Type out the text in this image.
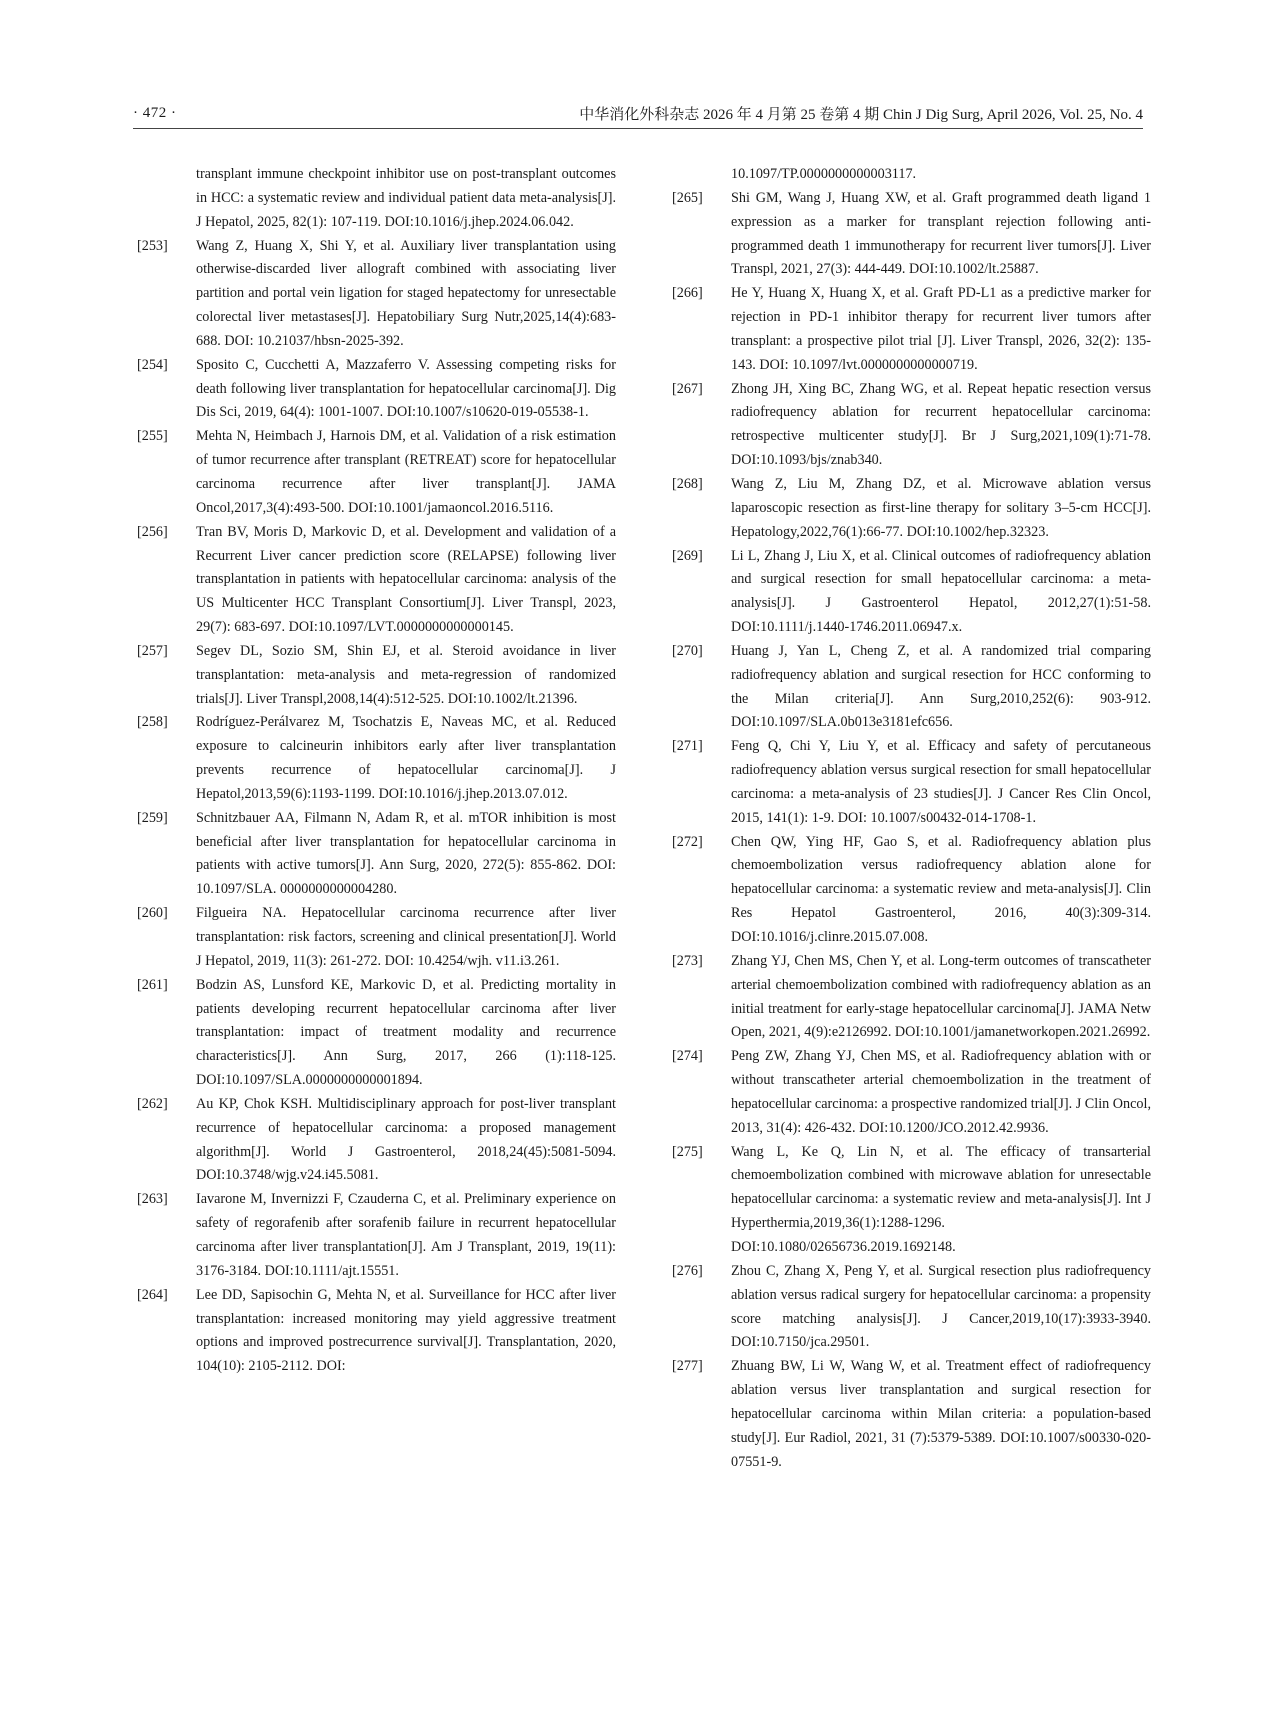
· 472 ·	中华消化外科杂志 2026 年 4 月第 25 卷第 4 期 Chin J Dig Surg, April 2026, Vol. 25, No. 4
transplant immune checkpoint inhibitor use on post-transplant outcomes in HCC: a systematic review and individual patient data meta-analysis[J]. J Hepatol, 2025, 82(1): 107-119. DOI:10.1016/j.jhep.2024.06.042.
[253]	Wang Z, Huang X, Shi Y, et al. Auxiliary liver transplantation using otherwise-discarded liver allograft combined with associating liver partition and portal vein ligation for staged hepatectomy for unresectable colorectal liver metastases[J]. Hepatobiliary Surg Nutr,2025,14(4):683-688. DOI: 10.21037/hbsn-2025-392.
[254]	Sposito C, Cucchetti A, Mazzaferro V. Assessing competing risks for death following liver transplantation for hepatocellular carcinoma[J]. Dig Dis Sci, 2019, 64(4): 1001-1007. DOI:10.1007/s10620-019-05538-1.
[255]	Mehta N, Heimbach J, Harnois DM, et al. Validation of a risk estimation of tumor recurrence after transplant (RETREAT) score for hepatocellular carcinoma recurrence after liver transplant[J]. JAMA Oncol,2017,3(4):493-500. DOI:10.1001/jamaoncol.2016.5116.
[256]	Tran BV, Moris D, Markovic D, et al. Development and validation of a Recurrent Liver cancer prediction score (RELAPSE) following liver transplantation in patients with hepatocellular carcinoma: analysis of the US Multicenter HCC Transplant Consortium[J]. Liver Transpl, 2023, 29(7): 683-697. DOI:10.1097/LVT.0000000000000145.
[257]	Segev DL, Sozio SM, Shin EJ, et al. Steroid avoidance in liver transplantation: meta-analysis and meta-regression of randomized trials[J]. Liver Transpl,2008,14(4):512-525. DOI:10.1002/lt.21396.
[258]	Rodríguez-Perálvarez M, Tsochatzis E, Naveas MC, et al. Reduced exposure to calcineurin inhibitors early after liver transplantation prevents recurrence of hepatocellular carcinoma[J]. J Hepatol,2013,59(6):1193-1199. DOI:10.1016/j.jhep.2013.07.012.
[259]	Schnitzbauer AA, Filmann N, Adam R, et al. mTOR inhibition is most beneficial after liver transplantation for hepatocellular carcinoma in patients with active tumors[J]. Ann Surg, 2020, 272(5): 855-862. DOI: 10.1097/SLA. 0000000000004280.
[260]	Filgueira NA. Hepatocellular carcinoma recurrence after liver transplantation: risk factors, screening and clinical presentation[J]. World J Hepatol, 2019, 11(3): 261-272. DOI: 10.4254/wjh. v11.i3.261.
[261]	Bodzin AS, Lunsford KE, Markovic D, et al. Predicting mortality in patients developing recurrent hepatocellular carcinoma after liver transplantation: impact of treatment modality and recurrence characteristics[J]. Ann Surg, 2017, 266 (1):118-125. DOI:10.1097/SLA.0000000000001894.
[262]	Au KP, Chok KSH. Multidisciplinary approach for post-liver transplant recurrence of hepatocellular carcinoma: a proposed management algorithm[J]. World J Gastroenterol, 2018,24(45):5081-5094. DOI:10.3748/wjg.v24.i45.5081.
[263]	Iavarone M, Invernizzi F, Czauderna C, et al. Preliminary experience on safety of regorafenib after sorafenib failure in recurrent hepatocellular carcinoma after liver transplantation[J]. Am J Transplant, 2019, 19(11): 3176-3184. DOI:10.1111/ajt.15551.
[264]	Lee DD, Sapisochin G, Mehta N, et al. Surveillance for HCC after liver transplantation: increased monitoring may yield aggressive treatment options and improved postrecurrence survival[J]. Transplantation, 2020, 104(10): 2105-2112. DOI:
10.1097/TP.0000000000003117.
[265]	Shi GM, Wang J, Huang XW, et al. Graft programmed death ligand 1 expression as a marker for transplant rejection following anti-programmed death 1 immunotherapy for recurrent liver tumors[J]. Liver Transpl, 2021, 27(3): 444-449. DOI:10.1002/lt.25887.
[266]	He Y, Huang X, Huang X, et al. Graft PD-L1 as a predictive marker for rejection in PD-1 inhibitor therapy for recurrent liver tumors after transplant: a prospective pilot trial [J]. Liver Transpl, 2026, 32(2): 135-143. DOI: 10.1097/lvt.0000000000000719.
[267]	Zhong JH, Xing BC, Zhang WG, et al. Repeat hepatic resection versus radiofrequency ablation for recurrent hepatocellular carcinoma: retrospective multicenter study[J]. Br J Surg,2021,109(1):71-78. DOI:10.1093/bjs/znab340.
[268]	Wang Z, Liu M, Zhang DZ, et al. Microwave ablation versus laparoscopic resection as first-line therapy for solitary 3–5-cm HCC[J]. Hepatology,2022,76(1):66-77. DOI:10.1002/hep.32323.
[269]	Li L, Zhang J, Liu X, et al. Clinical outcomes of radiofrequency ablation and surgical resection for small hepatocellular carcinoma: a meta-analysis[J]. J Gastroenterol Hepatol, 2012,27(1):51-58. DOI:10.1111/j.1440-1746.2011.06947.x.
[270]	Huang J, Yan L, Cheng Z, et al. A randomized trial comparing radiofrequency ablation and surgical resection for HCC conforming to the Milan criteria[J]. Ann Surg,2010,252(6): 903-912. DOI:10.1097/SLA.0b013e3181efc656.
[271]	Feng Q, Chi Y, Liu Y, et al. Efficacy and safety of percutaneous radiofrequency ablation versus surgical resection for small hepatocellular carcinoma: a meta-analysis of 23 studies[J]. J Cancer Res Clin Oncol, 2015, 141(1): 1-9. DOI: 10.1007/s00432-014-1708-1.
[272]	Chen QW, Ying HF, Gao S, et al. Radiofrequency ablation plus chemoembolization versus radiofrequency ablation alone for hepatocellular carcinoma: a systematic review and meta-analysis[J]. Clin Res Hepatol Gastroenterol, 2016, 40(3):309-314. DOI:10.1016/j.clinre.2015.07.008.
[273]	Zhang YJ, Chen MS, Chen Y, et al. Long-term outcomes of transcatheter arterial chemoembolization combined with radiofrequency ablation as an initial treatment for early-stage hepatocellular carcinoma[J]. JAMA Netw Open, 2021, 4(9):e2126992. DOI:10.1001/jamanetworkopen.2021.26992.
[274]	Peng ZW, Zhang YJ, Chen MS, et al. Radiofrequency ablation with or without transcatheter arterial chemoembolization in the treatment of hepatocellular carcinoma: a prospective randomized trial[J]. J Clin Oncol, 2013, 31(4): 426-432. DOI:10.1200/JCO.2012.42.9936.
[275]	Wang L, Ke Q, Lin N, et al. The efficacy of transarterial chemoembolization combined with microwave ablation for unresectable hepatocellular carcinoma: a systematic review and meta-analysis[J]. Int J Hyperthermia,2019,36(1):1288-1296. DOI:10.1080/02656736.2019.1692148.
[276]	Zhou C, Zhang X, Peng Y, et al. Surgical resection plus radiofrequency ablation versus radical surgery for hepatocellular carcinoma: a propensity score matching analysis[J]. J Cancer,2019,10(17):3933-3940. DOI:10.7150/jca.29501.
[277]	Zhuang BW, Li W, Wang W, et al. Treatment effect of radiofrequency ablation versus liver transplantation and surgical resection for hepatocellular carcinoma within Milan criteria: a population-based study[J]. Eur Radiol, 2021, 31 (7):5379-5389. DOI:10.1007/s00330-020-07551-9.
